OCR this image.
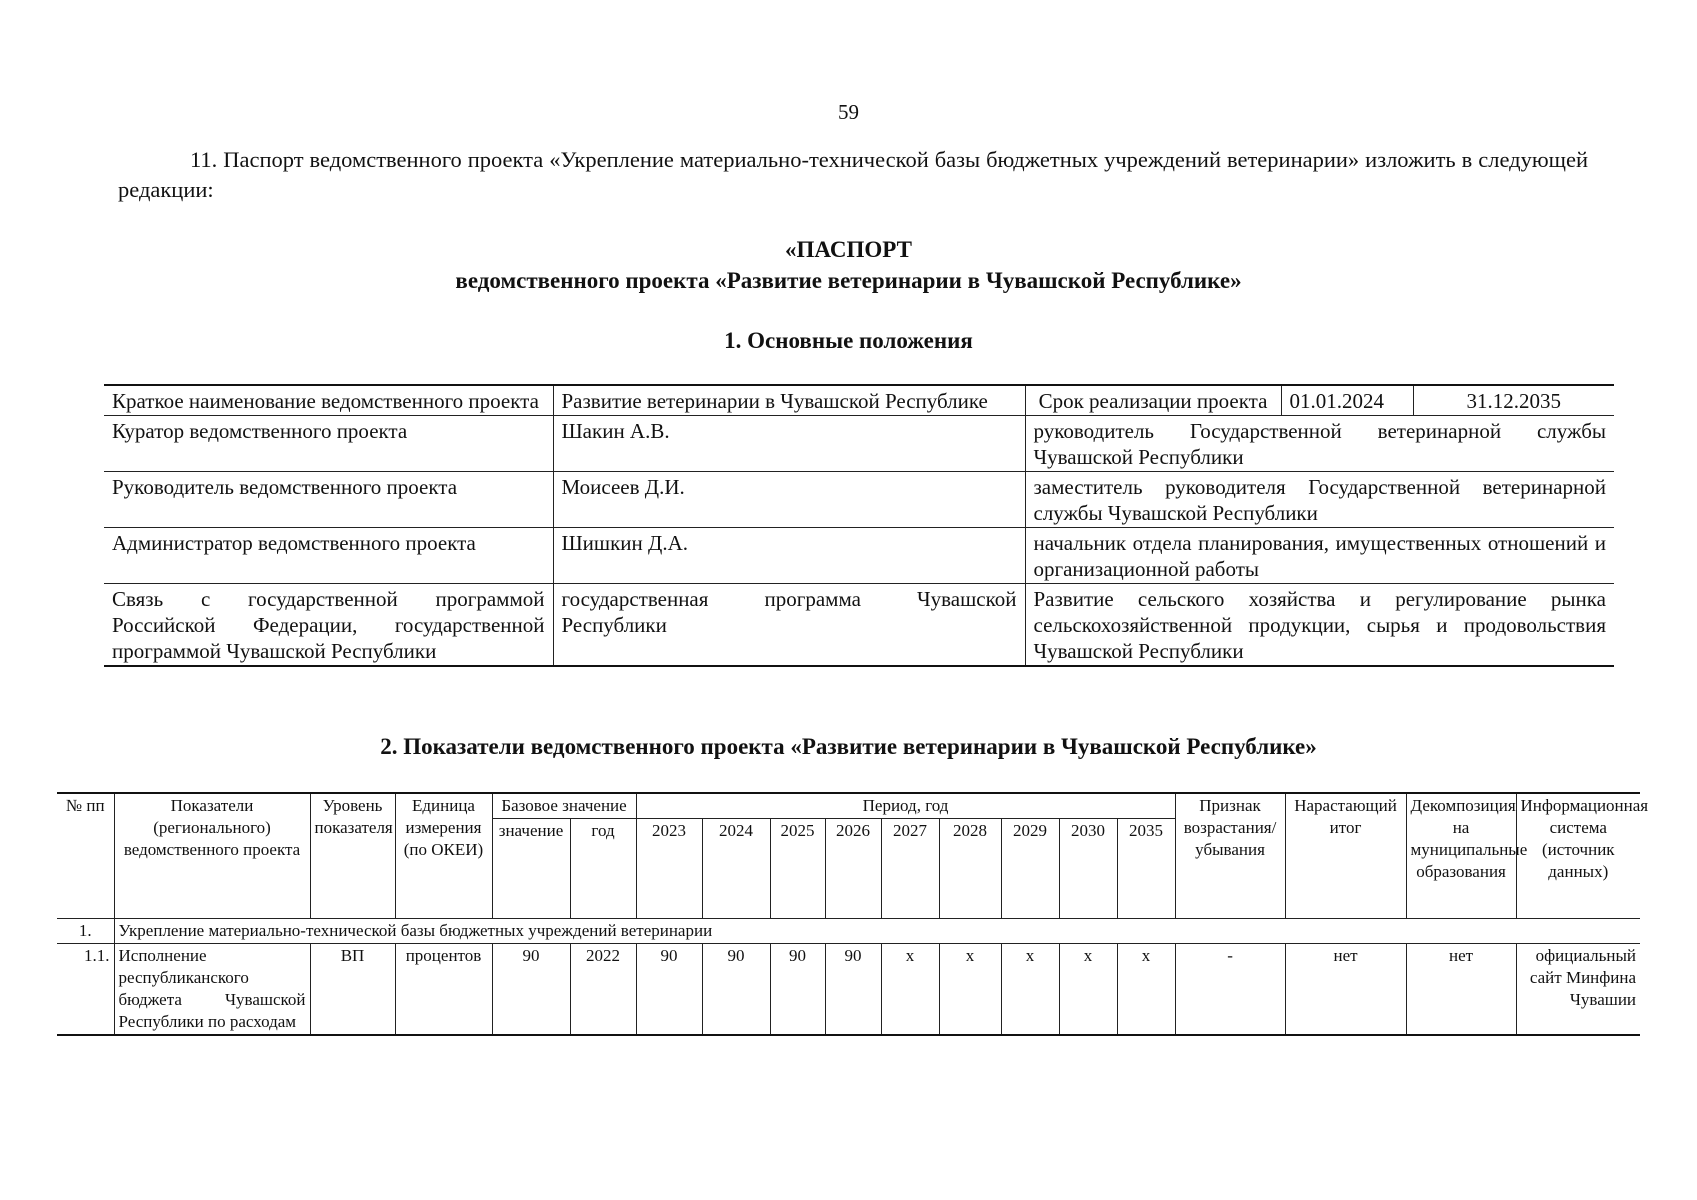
59
11. Паспорт ведомственного проекта «Укрепление материально-технической базы бюджетных учреждений ветеринарии» изложить в следующей редакции:
«ПАСПОРТ
ведомственного проекта «Развитие ветеринарии в Чувашской Республике»
1. Основные положения
Краткое наименование ведомственного проекта	Развитие ветеринарии в Чувашской Республике	Срок реализации проекта	01.01.2024	31.12.2035
Куратор ведомственного проекта	Шакин А.В.	руководитель Государственной ветеринарной службы Чувашской Республики		
Руководитель ведомственного проекта	Моисеев Д.И.	заместитель руководителя Государственной ветеринарной службы Чувашской Республики		
Администратор ведомственного проекта	Шишкин Д.А.	начальник отдела планирования, имущественных отношений и организационной работы		
Связь с государственной программой Российской Федерации, государственной программой Чувашской Республики	государственная программа Чувашской Республики	Развитие сельского хозяйства и регулирование рынка сельскохозяйственной продукции, сырья и продовольствия Чувашской Республики		
2. Показатели ведомственного проекта «Развитие ветеринарии в Чувашской Республике»
№ пп	Показатели (регионального) ведомственного проекта	Уровень показателя	Единица измерения (по ОКЕИ)	Базовое значение		Период, год									Признак возрастания/ убывания	Нарастающий итог	Декомпозиция на муниципальные образования	Информационная система (источник данных)
				значение	год	2023	2024	2025	2026	2027	2028	2029	2030	2035				
1.	Укрепление материально-технической базы бюджетных учреждений ветеринарии																	
1.1.	Исполнение республиканского бюджета Чувашской Республики по расходам	ВП	процентов	90	2022	90	90	90	90	x	x	x	x	x	-	нет	нет	официальный сайт Минфина Чувашии
